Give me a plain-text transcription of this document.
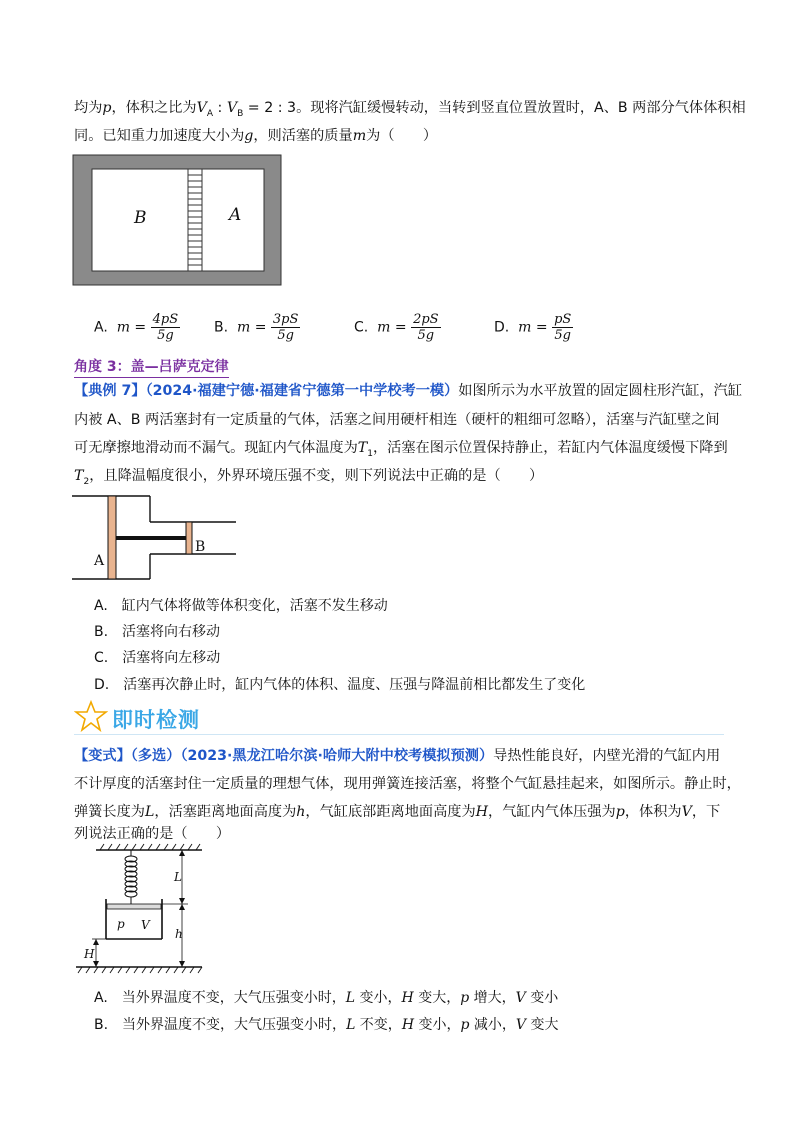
均为p，体积之比为$V_A$ : $V_B = 2$ : 3。现将汽缸缓慢转动，当转到竖直位置放置时，A、B 两部分气体体积相
同。已知重力加速度大小为g，则活塞的质量m为（　　）
B	A
A. $m = \frac{4pS}{5g} B$. $m = \frac{3pS}{5g}$	C. $m = \frac{2pS}{5g}$	D. $m = \frac{pS}{5g}$
角度 3：盖—吕萨克定律
【典例 7】（2024·福建宁德·福建省宁德第一中学校考一模）如图所示为水平放置的固定圆柱形汽缸，汽缸
内被 A、B 两活塞封有一定质量的气体，活塞之间用硬杆相连（硬杆的粗细可忽略），活塞与汽缸壁之间
可无摩擦地滑动而不漏气。现缸内气体温度为$T_1$，活塞在图示位置保持静止，若缸内气体温度缓慢下降到
$T_2$，且降温幅度很小，外界环境压强不变，则下列说法中正确的是（　　）
A
B
A.　缸内气体将做等体积变化，活塞不发生移动
B.　活塞将向右移动
C.　活塞将向左移动
D.　活塞再次静止时，缸内气体的体积、温度、压强与降温前相比都发生了变化
即时检测
【变式】（多选）（2023·黑龙江哈尔滨·哈师大附中校考模拟预测）导热性能良好，内壁光滑的气缸内用
不计厚度的活塞封住一定质量的理想气体，现用弹簧连接活塞，将整个气缸悬挂起来，如图所示。静止时，
弹簧长度为L，活塞距离地面高度为h，气缸底部距离地面高度为H，气缸内气体压强为p，体积为V，下
列说法正确的是（　　）
p V
H
L
h
A.　当外界温度不变，大气压强变小时，L 变小，H 变大，p 增大，V 变小
B.　当外界温度不变，大气压强变小时，L 不变，H 变小，p 减小，V 变大
